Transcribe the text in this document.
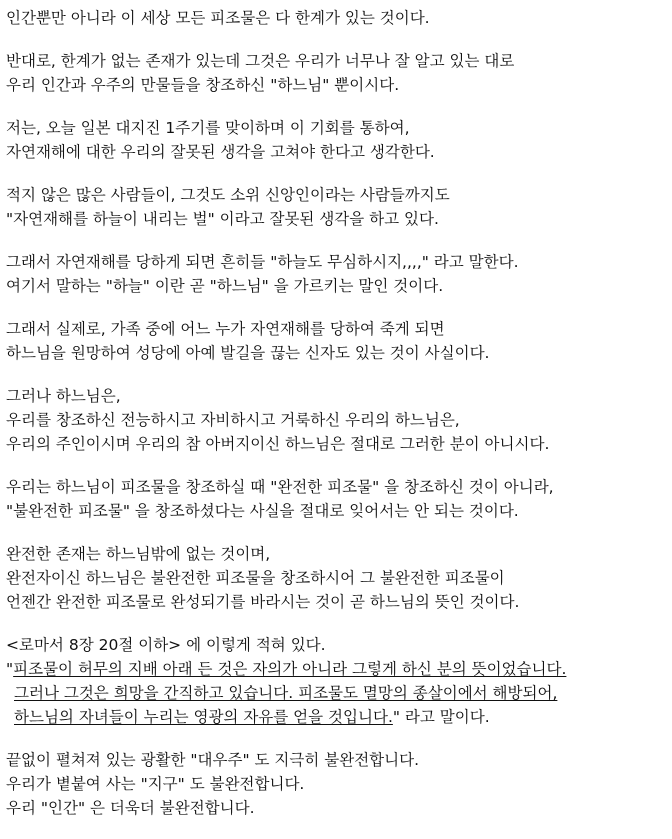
인간뿐만 아니라 이 세상 모든 피조물은 다 한계가 있는 것이다.
반대로, 한계가 없는 존재가 있는데 그것은 우리가 너무나 잘 알고 있는 대로
우리 인간과 우주의 만물들을 창조하신 "하느님" 뿐이시다.
저는, 오늘 일본 대지진 1주기를 맞이하며 이 기회를 통하여,
자연재해에 대한 우리의 잘못된 생각을 고쳐야 한다고 생각한다.
적지 않은 많은 사람들이, 그것도 소위 신앙인이라는 사람들까지도
"자연재해를 하늘이 내리는 벌" 이라고 잘못된 생각을 하고 있다.
그래서 자연재해를 당하게 되면 흔히들 "하늘도 무심하시지,,,," 라고 말한다.
여기서 말하는 "하늘" 이란 곧 "하느님" 을 가르키는 말인 것이다.
그래서 실제로, 가족 중에 어느 누가 자연재해를 당하여 죽게 되면
하느님을 원망하여 성당에 아예 발길을 끊는 신자도 있는 것이 사실이다.
그러나 하느님은,
우리를 창조하신 전능하시고 자비하시고 거룩하신 우리의 하느님은,
우리의 주인이시며 우리의 참 아버지이신 하느님은 절대로 그러한 분이 아니시다.
우리는 하느님이 피조물을 창조하실 때 "완전한 피조물" 을 창조하신 것이 아니라,
"불완전한 피조물" 을 창조하셨다는 사실을 절대로 잊어서는 안 되는 것이다.
완전한 존재는 하느님밖에 없는 것이며,
완전자이신 하느님은 불완전한 피조물을 창조하시어 그 불완전한 피조물이
언젠간 완전한 피조물로 완성되기를 바라시는 것이 곧 하느님의 뜻인 것이다.
<로마서 8장 20절 이하> 에 이렇게 적혀 있다.
"피조물이 허무의 지배 아래 든 것은 자의가 아니라 그렇게 하신 분의 뜻이었습니다.
그러나 그것은 희망을 간직하고 있습니다. 피조물도 멸망의 종살이에서 해방되어,
하느님의 자녀들이 누리는 영광의 자유를 얻을 것입니다." 라고 말이다.
끝없이 펼쳐져 있는 광활한 "대우주" 도 지극히 불완전합니다.
우리가 볕붙여 사는 "지구" 도 불완전합니다.
우리 "인간" 은 더욱더 불완전합니다.
